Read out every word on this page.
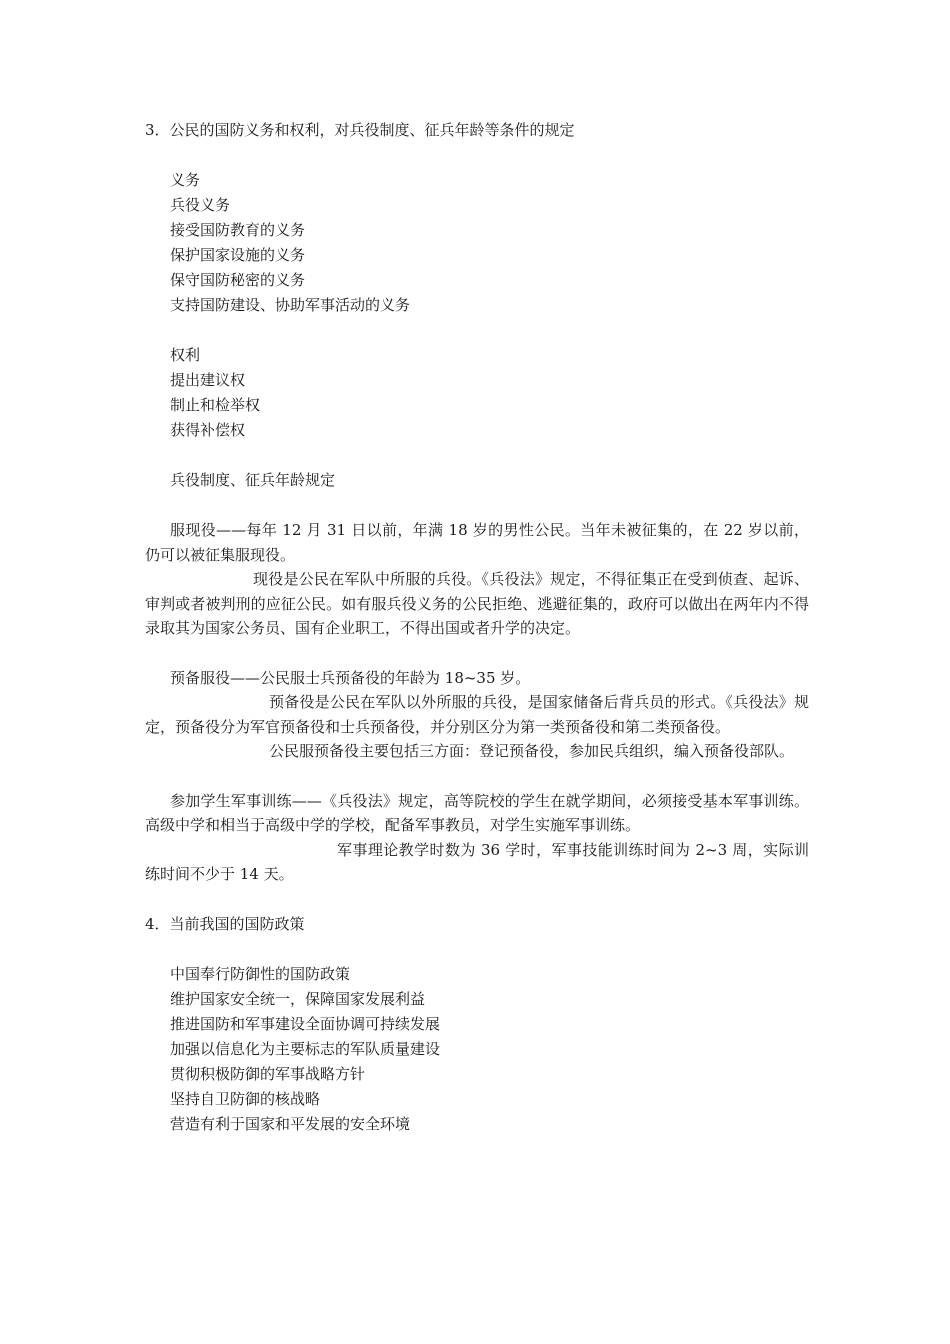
3．公民的国防义务和权利，对兵役制度、征兵年龄等条件的规定

义务
兵役义务
接受国防教育的义务
保护国家设施的义务
保守国防秘密的义务
支持国防建设、协助军事活动的义务
权利
提出建议权
制止和检举权
获得补偿权
兵役制度、征兵年龄规定

服现役——每年 12 月 31 日以前，年满 18 岁的男性公民。当年未被征集的，在 22 岁以前，仍可以被征集服现役。

现役是公民在军队中所服的兵役。《兵役法》规定，不得征集正在受到侦查、起诉、审判或者被判刑的应征公民。如有服兵役义务的公民拒绝、逃避征集的，政府可以做出在两年内不得录取其为国家公务员、国有企业职工，不得出国或者升学的决定。

预备服役——公民服士兵预备役的年龄为 18~35 岁。

预备役是公民在军队以外所服的兵役，是国家储备后背兵员的形式。《兵役法》规定，预备役分为军官预备役和士兵预备役，并分别区分为第一类预备役和第二类预备役。

公民服预备役主要包括三方面：登记预备役，参加民兵组织，编入预备役部队。

参加学生军事训练——《兵役法》规定，高等院校的学生在就学期间，必须接受基本军事训练。高级中学和相当于高级中学的学校，配备军事教员，对学生实施军事训练。

军事理论教学时数为 36 学时，军事技能训练时间为 2~3 周，实际训练时间不少于 14 天。

4．当前我国的国防政策

中国奉行防御性的国防政策
维护国家安全统一，保障国家发展利益
推进国防和军事建设全面协调可持续发展
加强以信息化为主要标志的军队质量建设
贯彻积极防御的军事战略方针
坚持自卫防御的核战略
营造有利于国家和平发展的安全环境
